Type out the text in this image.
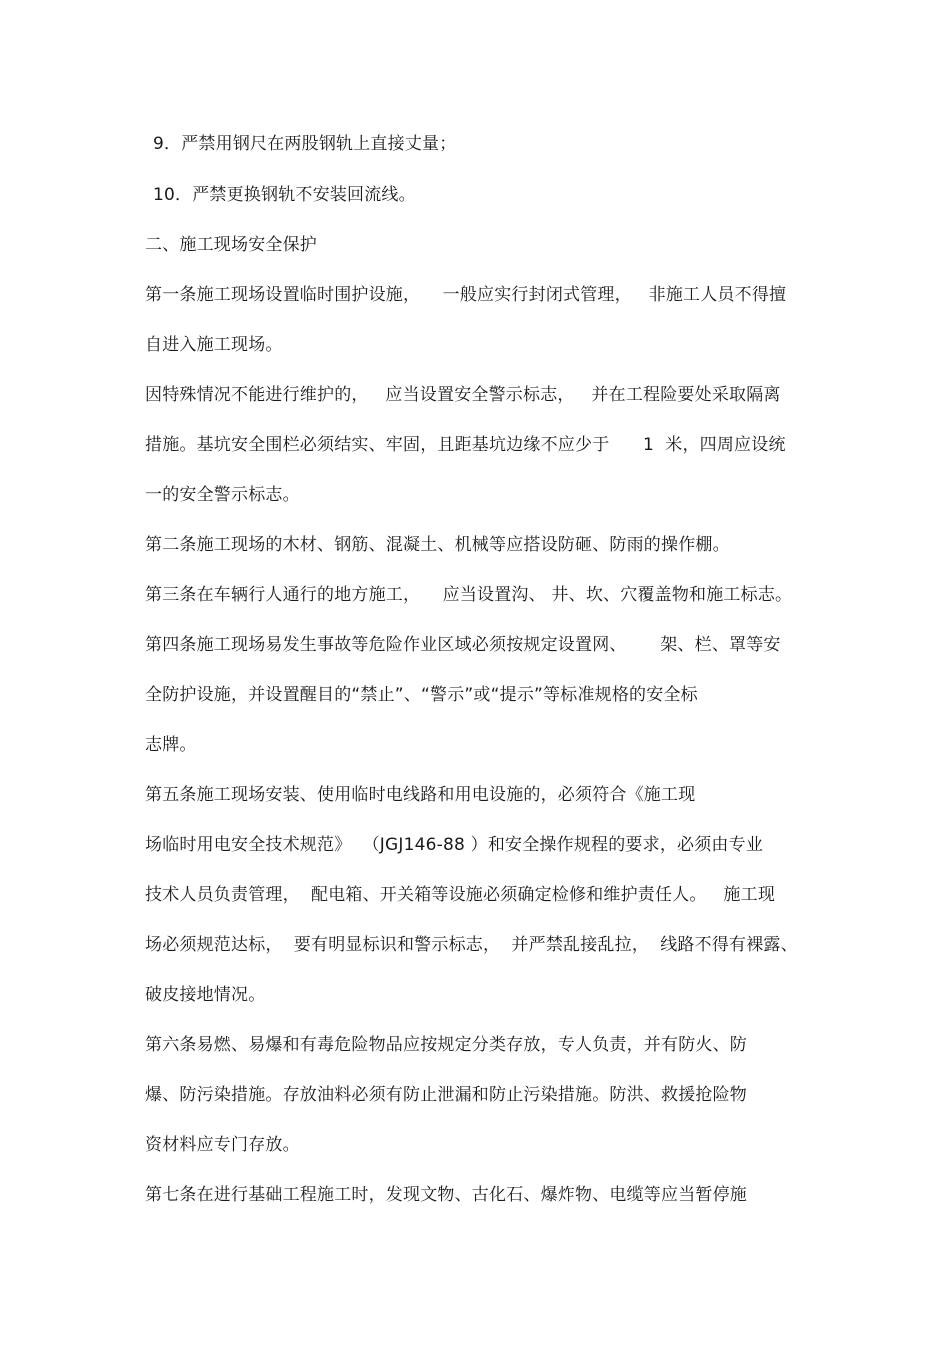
9．严禁用钢尺在两股钢轨上直接丈量；
10．严禁更换钢轨不安装回流线。
二、施工现场安全保护
第一条施工现场设置临时围护设施，    一般应实行封闭式管理，   非施工人员不得擅
自进入施工现场。
因特殊情况不能进行维护的，   应当设置安全警示标志，   并在工程险要处采取隔离
措施。基坑安全围栏必须结实、牢固，且距基坑边缘不应少于      1  米，四周应设统
一的安全警示标志。
第二条施工现场的木材、钢筋、混凝土、机械等应搭设防砸、防雨的操作棚。
第三条在车辆行人通行的地方施工，    应当设置沟、 井、坎、穴覆盖物和施工标志。
第四条施工现场易发生事故等危险作业区域必须按规定设置网、      架、栏、罩等安
全防护设施，并设置醒目的“禁止”、“警示”或“提示”等标准规格的安全标
志牌。
第五条施工现场安装、使用临时电线路和用电设施的，必须符合《施工现
场临时用电安全技术规范》  （JGJ146-88 ）和安全操作规程的要求，必须由专业
技术人员负责管理，  配电箱、开关箱等设施必须确定检修和维护责任人。   施工现
场必须规范达标，  要有明显标识和警示标志，  并严禁乱接乱拉，  线路不得有裸露、
破皮接地情况。
第六条易燃、易爆和有毒危险物品应按规定分类存放，专人负责，并有防火、防
爆、防污染措施。存放油料必须有防止泄漏和防止污染措施。防洪、救援抢险物
资材料应专门存放。
第七条在进行基础工程施工时，发现文物、古化石、爆炸物、电缆等应当暂停施
